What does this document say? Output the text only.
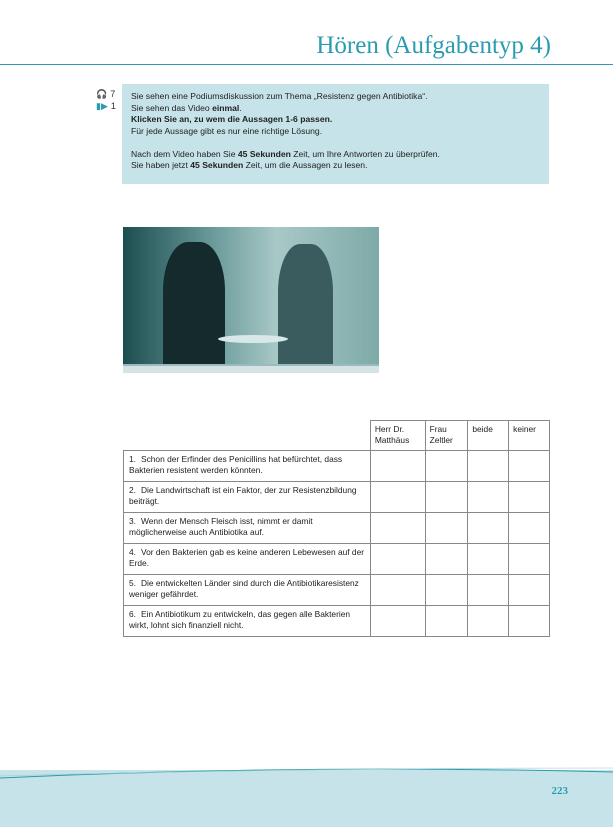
Hören (Aufgabentyp 4)
🎧 7
▮▶ 1

Sie sehen eine Podiumsdiskussion zum Thema „Resistenz gegen Antibiotika“.

Sie sehen das Video einmal.

Klicken Sie an, zu wem die Aussagen 1-6 passen.

Für jede Aussage gibt es nur eine richtige Lösung.

Nach dem Video haben Sie 45 Sekunden Zeit, um Ihre Antworten zu überprüfen.

Sie haben jetzt 45 Sekunden Zeit, um die Aussagen zu lesen.

	Herr Dr. Matthäus	Frau Zeltler	beide	keiner
1. Schon der Erfinder des Penicillins hat befürchtet, dass Bakterien resistent werden könnten.				
2. Die Landwirtschaft ist ein Faktor, der zur Resistenzbildung beiträgt.				
3. Wenn der Mensch Fleisch isst, nimmt er damit möglicherweise auch Antibiotika auf.				
4. Vor den Bakterien gab es keine anderen Lebewesen auf der Erde.				
5. Die entwickelten Länder sind durch die Antibiotikaresistenz weniger gefährdet.				
6. Ein Antibiotikum zu entwickeln, das gegen alle Bakterien wirkt, lohnt sich finanziell nicht.				
223
